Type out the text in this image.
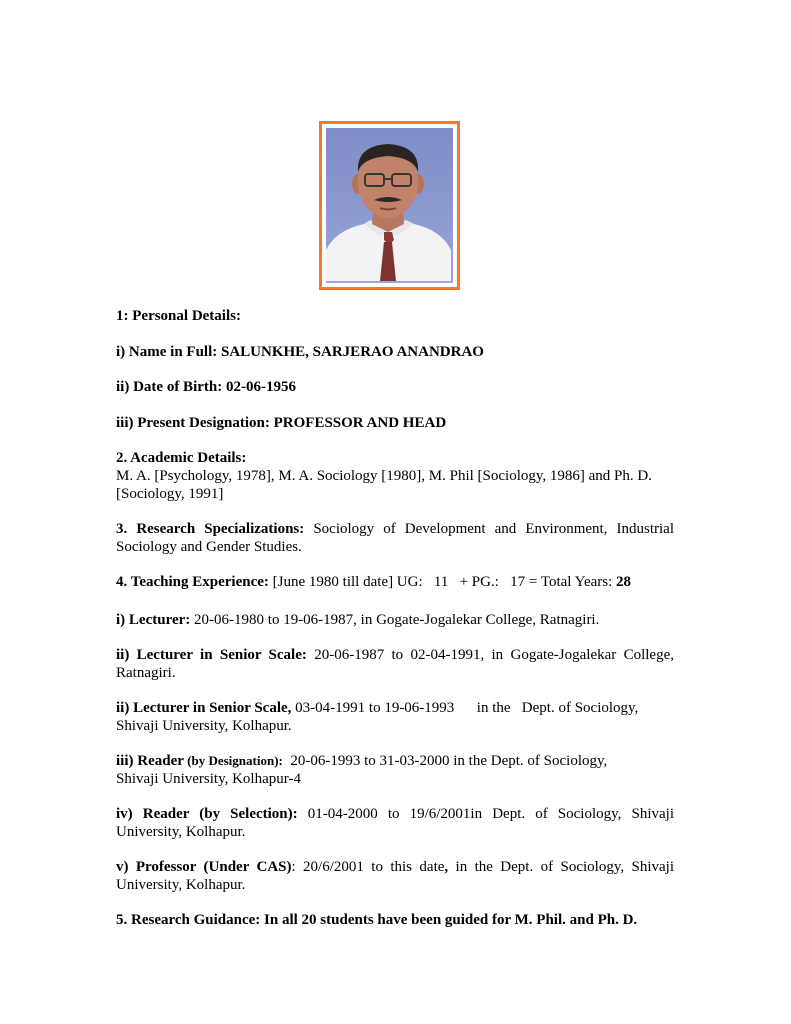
1: Personal Details:
i) Name in Full: SALUNKHE, SARJERAO ANANDRAO
ii) Date of Birth: 02-06-1956
iii) Present Designation: PROFESSOR AND HEAD
2. Academic Details:
M. A. [Psychology, 1978], M. A. Sociology [1980], M. Phil [Sociology, 1986] and Ph. D.
[Sociology, 1991]
3. Research Specializations: Sociology of Development and Environment, Industrial
Sociology and Gender Studies.
4. Teaching Experience: [June 1980 till date] UG:   11   + PG.:   17 = Total Years: 28
i) Lecturer: 20-06-1980 to 19-06-1987, in Gogate-Jogalekar College, Ratnagiri.
ii) Lecturer in Senior Scale: 20-06-1987 to 02-04-1991, in Gogate-Jogalekar College,
Ratnagiri.
ii) Lecturer in Senior Scale, 03-04-1991 to 19-06-1993      in the   Dept. of Sociology,
Shivaji University, Kolhapur.
iii) Reader (by Designation):  20-06-1993 to 31-03-2000 in the Dept. of Sociology,
Shivaji University, Kolhapur-4
iv) Reader (by Selection): 01-04-2000 to 19/6/2001in Dept. of Sociology, Shivaji
University, Kolhapur.
v) Professor (Under CAS): 20/6/2001 to this date, in the Dept. of Sociology, Shivaji
University, Kolhapur.
5. Research Guidance: In all 20 students have been guided for M. Phil. and Ph. D.
